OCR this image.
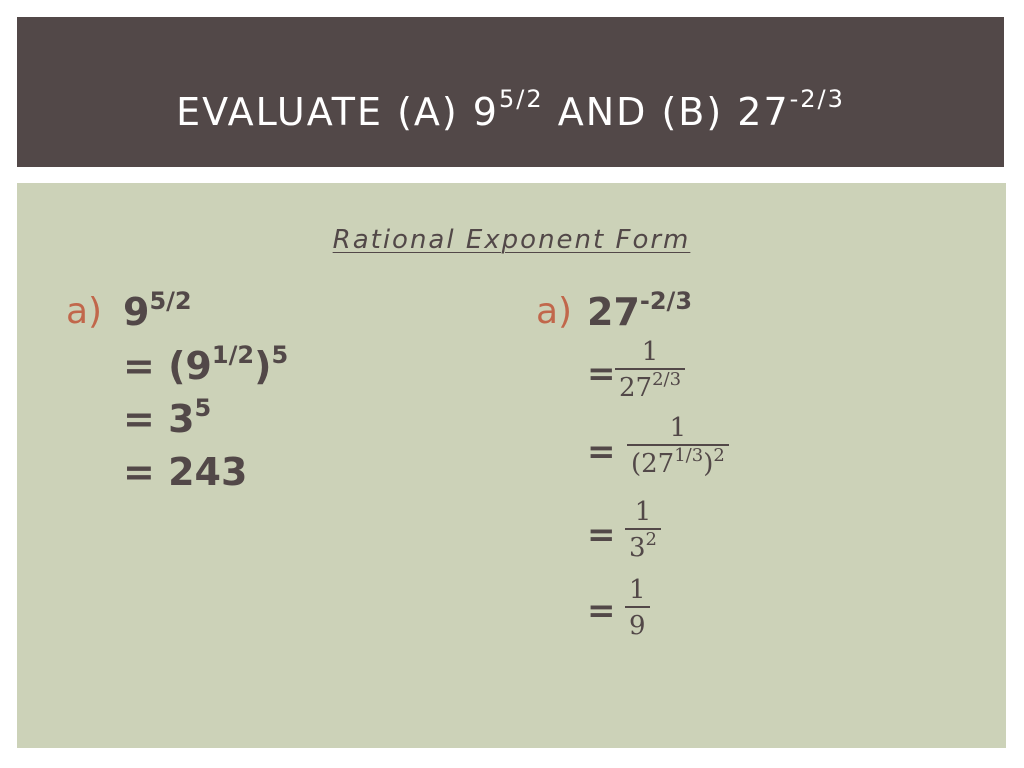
EVALUATE (A) $9^{5/2}$ AND (B) $27^{-2/3}$
Rational Exponent Form
a) $9^{5/2}$
= $(9^{1/2})^5$
= $3^5$
= 243
a) $27^{-2/3}$
=
1
$27^{2/3}$
=
1
$(27^{1/3})^2$
=
1
$3^2$
=
1
9
